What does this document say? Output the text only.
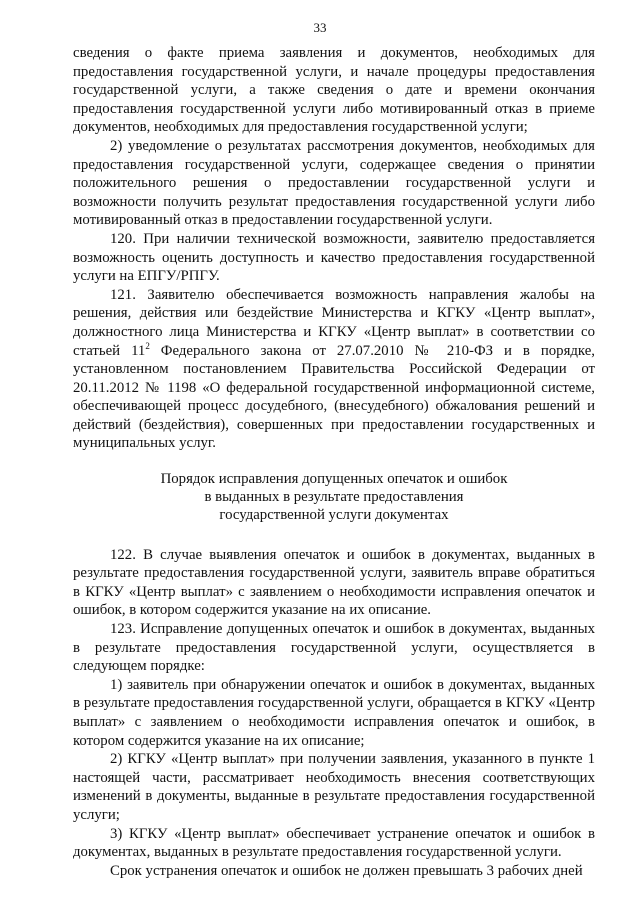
33

сведения о факте приема заявления и документов, необходимых для предоставления государственной услуги, и начале процедуры предоставления государственной услуги, а также сведения о дате и времени окончания предоставления государственной услуги либо мотивированный отказ в приеме документов, необходимых для предоставления государственной услуги;

2) уведомление о результатах рассмотрения документов, необходимых для предоставления государственной услуги, содержащее сведения о принятии положительного решения о предоставлении государственной услуги и возможности получить результат предоставления государственной услуги либо мотивированный отказ в предоставлении государственной услуги.

120. При наличии технической возможности, заявителю предоставляется возможность оценить доступность и качество предоставления государственной услуги на ЕПГУ/РПГУ.

121. Заявителю обеспечивается возможность направления жалобы на решения, действия или бездействие Министерства и КГКУ «Центр выплат», должностного лица Министерства и КГКУ «Центр выплат» в соответствии со статьей $11^2$ Федерального закона от 27.07.2010 № 210-ФЗ и в порядке, установленном постановлением Правительства Российской Федерации от 20.11.2012 № 1198 «О федеральной государственной информационной системе, обеспечивающей процесс досудебного, (внесудебного) обжалования решений и действий (бездействия), совершенных при предоставлении государственных и муниципальных услуг.

Порядок исправления допущенных опечаток и ошибок
в выданных в результате предоставления
государственной услуги документах

122. В случае выявления опечаток и ошибок в документах, выданных в результате предоставления государственной услуги, заявитель вправе обратиться в КГКУ «Центр выплат» с заявлением о необходимости исправления опечаток и ошибок, в котором содержится указание на их описание.

123. Исправление допущенных опечаток и ошибок в документах, выданных в результате предоставления государственной услуги, осуществляется в следующем порядке:

1) заявитель при обнаружении опечаток и ошибок в документах, выданных в результате предоставления государственной услуги, обращается в КГКУ «Центр выплат» с заявлением о необходимости исправления опечаток и ошибок, в котором содержится указание на их описание;

2) КГКУ «Центр выплат» при получении заявления, указанного в пункте 1 настоящей части, рассматривает необходимость внесения соответствующих изменений в документы, выданные в результате предоставления государственной услуги;

3) КГКУ «Центр выплат» обеспечивает устранение опечаток и ошибок в документах, выданных в результате предоставления государственной услуги.

Срок устранения опечаток и ошибок не должен превышать 3 рабочих дней
